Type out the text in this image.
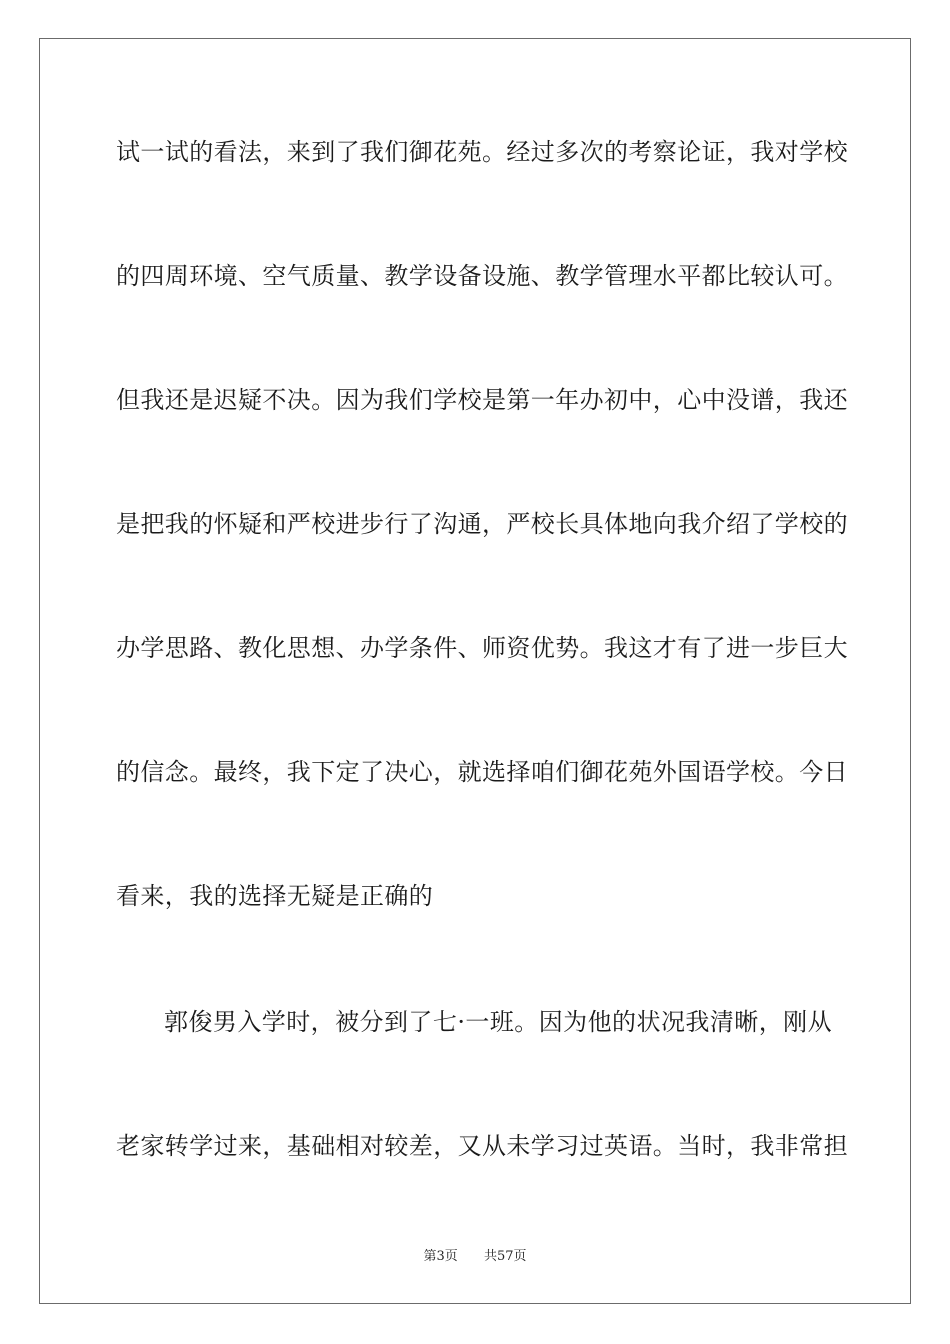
试一试的看法，来到了我们御花苑。经过多次的考察论证，我对学校
的四周环境、空气质量、教学设备设施、教学管理水平都比较认可。
但我还是迟疑不决。因为我们学校是第一年办初中，心中没谱，我还
是把我的怀疑和严校进步行了沟通，严校长具体地向我介绍了学校的
办学思路、教化思想、办学条件、师资优势。我这才有了进一步巨大
的信念。最终，我下定了决心，就选择咱们御花苑外国语学校。今日
看来，我的选择无疑是正确的
郭俊男入学时，被分到了七·一班。因为他的状况我清晰，刚从
老家转学过来，基础相对较差，又从未学习过英语。当时，我非常担
第3页 共57页
